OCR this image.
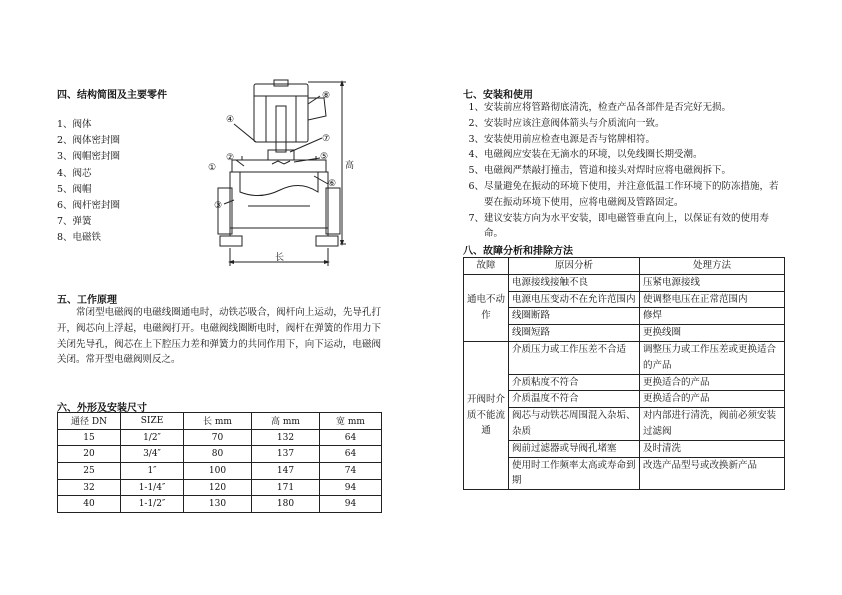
四、结构简图及主要零件
1、阀体
2、阀体密封圈
3、阀帽密封圈
4、阀芯
5、阀帽
6、阀杆密封圈
7、弹簧
8、电磁铁
④
②
③
⑧
⑦
⑤
⑥
①	高
长
五、工作原理
常闭型电磁阀的电磁线圈通电时，动铁芯吸合，阀杆向上运动，先导孔打开，阀芯向上浮起，电磁阀打开。电磁阀线圈断电时，阀杆在弹簧的作用力下关闭先导孔，阀芯在上下腔压力差和弹簧力的共同作用下，向下运动，电磁阀关闭。常开型电磁阀则反之。
六、外形及安装尺寸
通径 DN	SIZE	长 mm	高 mm	宽 mm
15	1/2″	70	132	64
20	3/4″	80	137	64
25	1″	100	147	74
32	1-1/4″	120	171	94
40	1-1/2″	130	180	94
七、安装和使用
1、 安装前应将管路彻底清洗，检查产品各部件是否完好无损。
2、 安装时应该注意阀体箭头与介质流向一致。
3、 安装使用前应检查电源是否与铭牌相符。
4、 电磁阀应安装在无滴水的环境，以免线圈长期受潮。
5、 电磁阀严禁敲打撞击，管道和接头对焊时应将电磁阀拆下。
6、 尽量避免在振动的环境下使用，并注意低温工作环境下的防冻措施，若要在振动环境下使用，应将电磁阀及管路固定。
7、 建议安装方向为水平安装，即电磁管垂直向上，以保证有效的使用寿命。
八、故障分析和排除方法
故障	原因分析	处理方法
通电不动作	电源接线接触不良	压紧电源接线
	电源电压变动不在允许范围内	使调整电压在正常范围内
	线圈断路	修焊
	线圈短路	更换线圈
开阀时介质不能流通	介质压力或工作压差不合适	调整压力或工作压差或更换适合的产品
	介质粘度不符合	更换适合的产品
	介质温度不符合	更换适合的产品
	阀芯与动铁芯周围混入杂垢、杂质	对内部进行清洗，阀前必须安装过滤阀
	阀前过滤器或导阀孔堵塞	及时清洗
	使用时工作频率太高或寿命到期	改选产品型号或改换新产品
